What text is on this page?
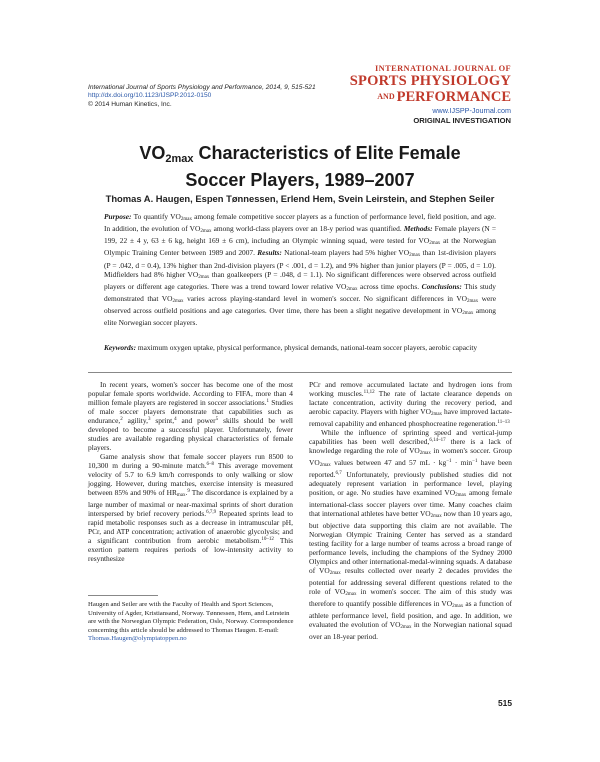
International Journal of Sports Physiology and Performance, 2014, 9, 515-521
http://dx.doi.org/10.1123/IJSPP.2012-0150
© 2014 Human Kinetics, Inc.
INTERNATIONAL JOURNAL OF
SPORTS PHYSIOLOGY
AND PERFORMANCE
www.IJSPP-Journal.com
ORIGINAL INVESTIGATION
$VO_{2max}$ Characteristics of Elite Female
Soccer Players, 1989–2007
Thomas A. Haugen, Espen Tønnessen, Erlend Hem, Svein Leirstein, and Stephen Seiler
Purpose: To quantify $VO_{2max}$ among female competitive soccer players as a function of performance level, field position, and age. In addition, the evolution of $VO_{2max}$ among world-class players over an 18-y period was quantified. Methods: Female players (N = 199, 22 ± 4 y, 63 ± 6 kg, height 169 ± 6 cm), including an Olympic winning squad, were tested for $VO_{2max}$ at the Norwegian Olympic Training Center between 1989 and 2007. Results: National-team players had 5% higher $VO_{2max}$ than 1st-division players (P = .042, d = 0.4), 13% higher than 2nd-division players (P < .001, d = 1.2), and 9% higher than junior players (P = .005, d = 1.0). Midfielders had 8% higher $VO_{2max}$ than goalkeepers (P = .048, d = 1.1). No significant differences were observed across outfield players or different age categories. There was a trend toward lower relative $VO_{2max}$ across time epochs. Conclusions: This study demonstrated that $VO_{2max}$ varies across playing-standard level in women's soccer. No significant differences in $VO_{2max}$ were observed across outfield positions and age categories. Over time, there has been a slight negative development in $VO_{2max}$ among elite Norwegian soccer players.
Keywords: maximum oxygen uptake, physical performance, physical demands, national-team soccer players, aerobic capacity

In recent years, women's soccer has become one of the most popular female sports worldwide. According to FIFA, more than 4 million female players are registered in soccer associations.$^1$ Studies of male soccer players demonstrate that capabilities such as endurance,$^2$ agility,$^3$ sprint,$^4$ and power$^5$ skills should be well developed to become a successful player. Unfortunately, fewer studies are available regarding physical characteristics of female players.

Game analysis show that female soccer players run 8500 to 10,300 m during a 90-minute match.$^{6-8}$ This average movement velocity of 5.7 to 6.9 km/h corresponds to only walking or slow jogging. However, during matches, exercise intensity is measured between 85% and 90% of $HR_{max}.^9$ The discordance is explained by a large number of maximal or near-maximal sprints of short duration interspersed by brief recovery periods.$^{6,7,9}$ Repeated sprints lead to rapid metabolic responses such as a decrease in intramuscular pH, PCr, and ATP concentration; activation of anaerobic glycolysis; and a significant contribution from aerobic metabolism.$^{10-12}$ This exertion pattern requires periods of low-intensity activity to resynthesize

PCr and remove accumulated lactate and hydrogen ions from working muscles.$^{11,12}$ The rate of lactate clearance depends on lactate concentration, activity during the recovery period, and aerobic capacity. Players with higher $VO_{2max}$ have improved lactate-removal capability and enhanced phosphocreatine regeneration.$^{11-13}$

While the influence of sprinting speed and vertical-jump capabilities has been well described,$^{6,14-17}$ there is a lack of knowledge regarding the role of $VO_{2max}$ in women's soccer. Group $VO_{2max}$ values between 47 and 57 mL · $kg^{-1} \cdot \min^{-1}$ have been reported.$^{6,7}$ Unfortunately, previously published studies did not adequately represent variation in performance level, playing position, or age. No studies have examined $VO_{2max}$ among female international-class soccer players over time. Many coaches claim that international athletes have better $VO_{2max}$ now than 10 years ago, but objective data supporting this claim are not available. The Norwegian Olympic Training Center has served as a standard testing facility for a large number of teams across a broad range of performance levels, including the champions of the Sydney 2000 Olympics and other international-medal-winning squads. A database of $VO_{2max}$ results collected over nearly 2 decades provides the potential for addressing several different questions related to the role of $VO_{2max}$ in women's soccer. The aim of this study was therefore to quantify possible differences in $VO_{2max}$ as a function of athlete performance level, field position, and age. In addition, we evaluated the evolution of $VO_{2max}$ in the Norwegian national squad over an 18-year period.

Haugen and Seiler are with the Faculty of Health and Sport Sciences, University of Agder, Kristiansand, Norway. Tønnessen, Hem, and Leirstein are with the Norwegian Olympic Federation, Oslo, Norway. Correspondence concerning this article should be addressed to Thomas Haugen. E-mail: Thomas.Haugen@olympiatoppen.no
515
